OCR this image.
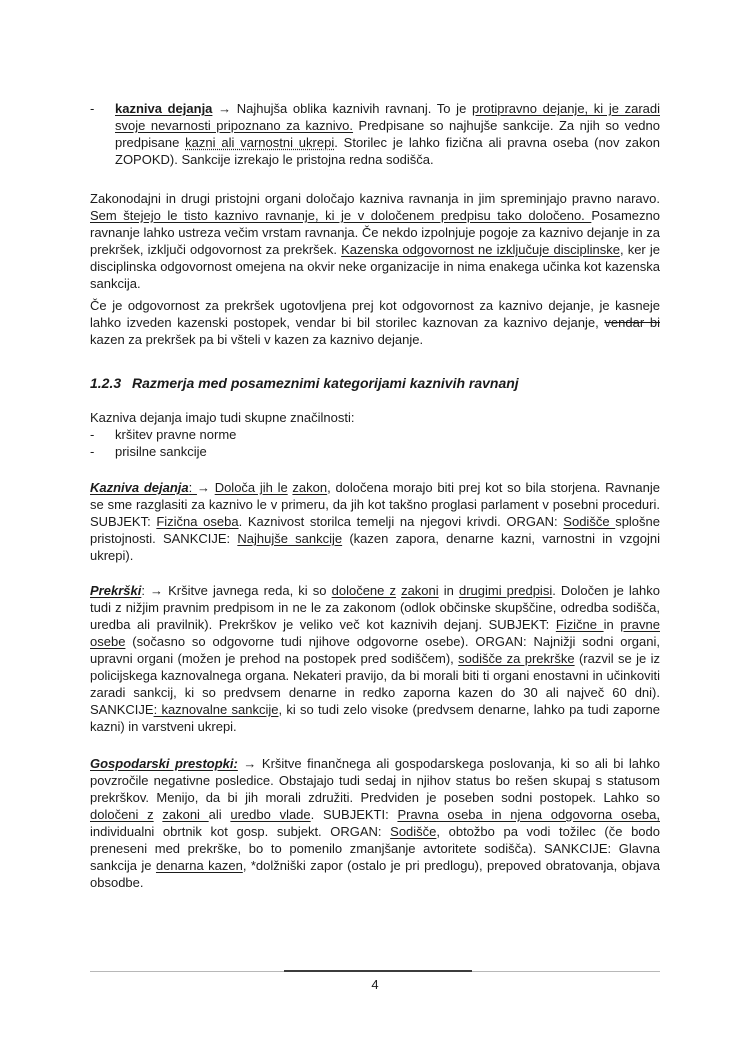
- kazniva dejanja → Najhujša oblika kaznivih ravnanj. To je protipravno dejanje, ki je zaradi svoje nevarnosti pripoznano za kaznivo. Predpisane so najhujše sankcije. Za njih so vedno predpisane kazni ali varnostni ukrepi. Storilec je lahko fizična ali pravna oseba (nov zakon ZOPOKD). Sankcije izrekajo le pristojna redna sodišča.
Zakonodajni in drugi pristojni organi določajo kazniva ravnanja in jim spreminjajo pravno naravo. Sem štejejo le tisto kaznivo ravnanje, ki je v določenem predpisu tako določeno. Posamezno ravnanje lahko ustreza večim vrstam ravnanja. Če nekdo izpolnjuje pogoje za kaznivo dejanje in za prekršek, izključi odgovornost za prekršek. Kazenska odgovornost ne izključuje disciplinske, ker je disciplinska odgovornost omejena na okvir neke organizacije in nima enakega učinka kot kazenska sankcija.
Če je odgovornost za prekršek ugotovljena prej kot odgovornost za kaznivo dejanje, je kasneje lahko izveden kazenski postopek, vendar bi bil storilec kaznovan za kaznivo dejanje, vendar bi kazen za prekršek pa bi všteli v kazen za kaznivo dejanje.
1.2.3 Razmerja med posameznimi kategorijami kaznivih ravnanj
Kazniva dejanja imajo tudi skupne značilnosti:
- kršitev pravne norme
- prisilne sankcije
Kazniva dejanja: → Določa jih le zakon, določena morajo biti prej kot so bila storjena. Ravnanje se sme razglasiti za kaznivo le v primeru, da jih kot takšno proglasi parlament v posebni proceduri. SUBJEKT: Fizična oseba. Kaznivost storilca temelji na njegovi krivdi. ORGAN: Sodišče splošne pristojnosti. SANKCIJE: Najhujše sankcije (kazen zapora, denarne kazni, varnostni in vzgojni ukrepi).
Prekrški: → Kršitve javnega reda, ki so določene z zakoni in drugimi predpisi. Določen je lahko tudi z nižjim pravnim predpisom in ne le za zakonom (odlok občinske skupščine, odredba sodišča, uredba ali pravilnik). Prekrškov je veliko več kot kaznivih dejanj. SUBJEKT: Fizične in pravne osebe (sočasno so odgovorne tudi njihove odgovorne osebe). ORGAN: Najnižji sodni organi, upravni organi (možen je prehod na postopek pred sodiščem), sodišče za prekrške (razvil se je iz policijskega kaznovalnega organa. Nekateri pravijo, da bi morali biti ti organi enostavni in učinkoviti zaradi sankcij, ki so predvsem denarne in redko zaporna kazen do 30 ali največ 60 dni). SANKCIJE: kaznovalne sankcije, ki so tudi zelo visoke (predvsem denarne, lahko pa tudi zaporne kazni) in varstveni ukrepi.
Gospodarski prestopki: → Kršitve finančnega ali gospodarskega poslovanja, ki so ali bi lahko povzročile negativne posledice. Obstajajo tudi sedaj in njihov status bo rešen skupaj s statusom prekrškov. Menijo, da bi jih morali združiti. Predviden je poseben sodni postopek. Lahko so določeni z zakoni ali uredbo vlade. SUBJEKTI: Pravna oseba in njena odgovorna oseba, individualni obrtnik kot gosp. subjekt. ORGAN: Sodišče, obtožbo pa vodi tožilec (če bodo preneseni med prekrške, bo to pomenilo zmanjšanje avtoritete sodišča). SANKCIJE: Glavna sankcija je denarna kazen, *dolžniški zapor (ostalo je pri predlogu), prepoved obratovanja, objava obsodbe.
4
